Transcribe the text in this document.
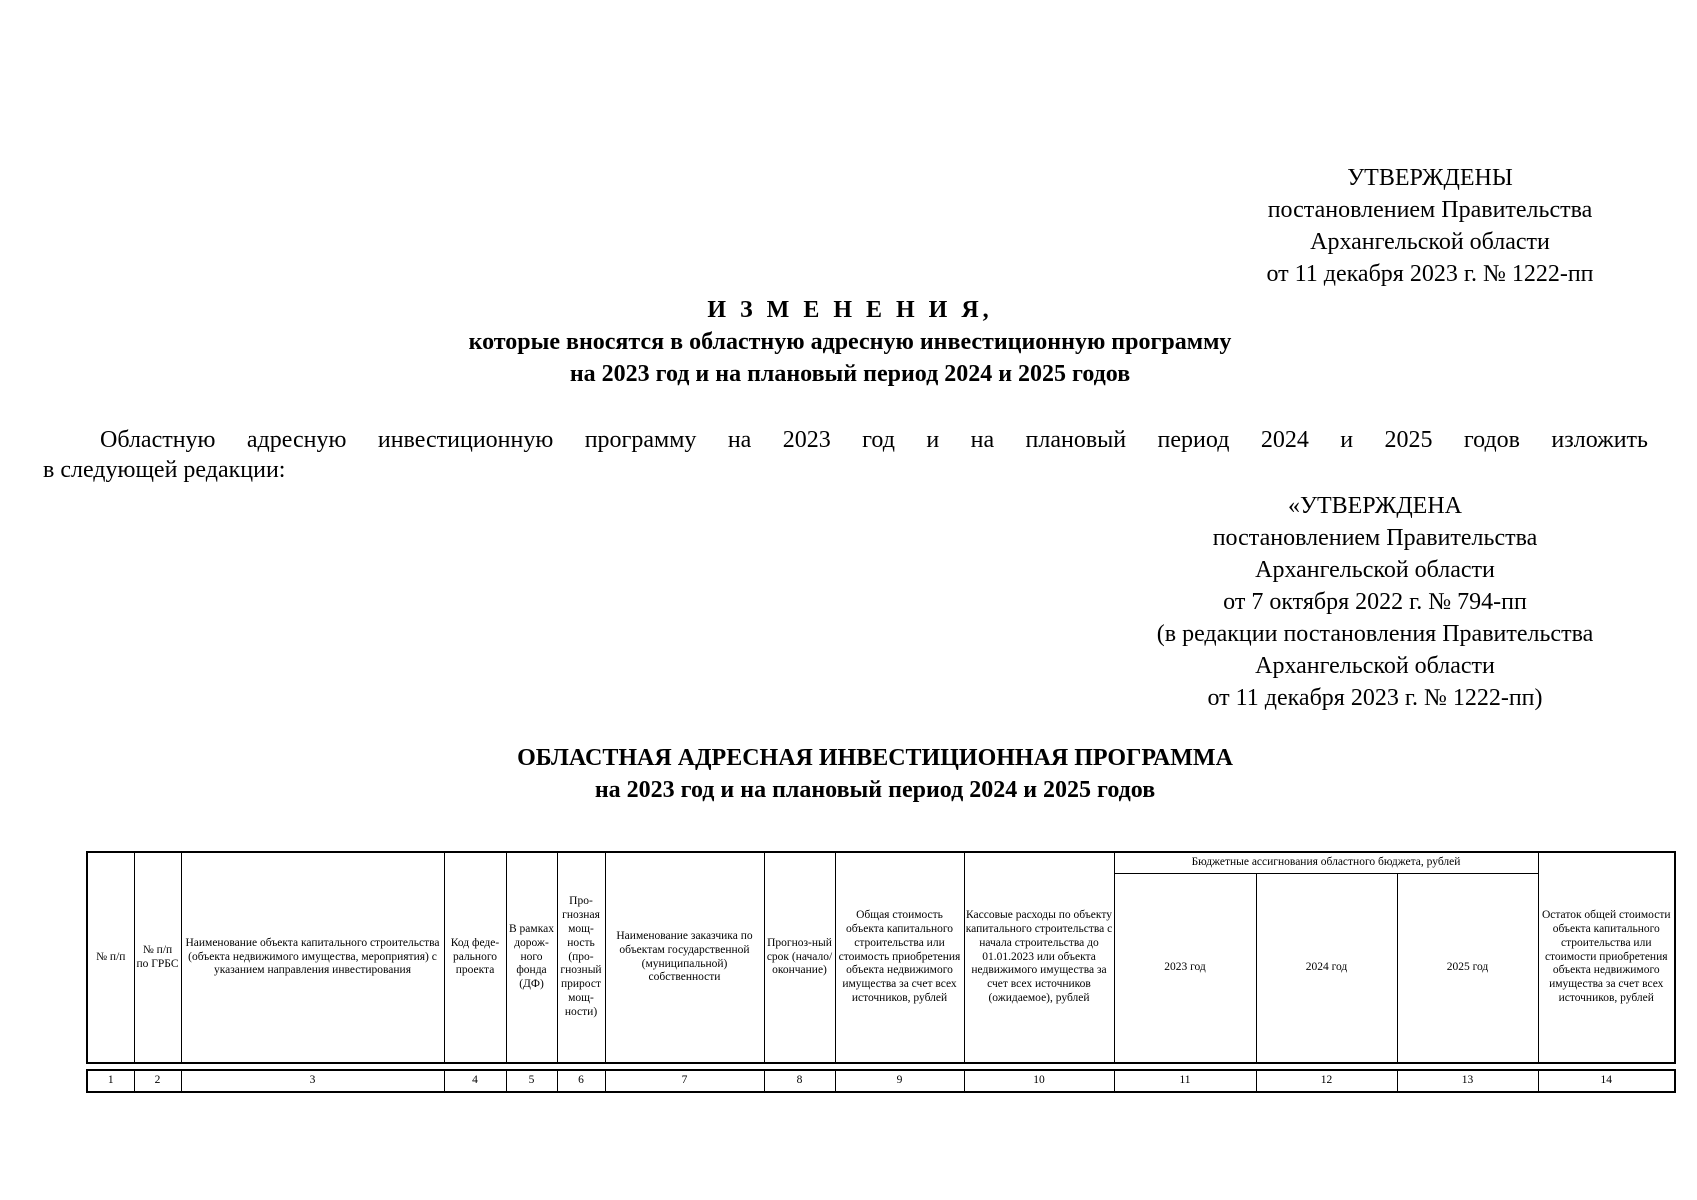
УТВЕРЖДЕНЫ
постановлением Правительства
Архангельской области
от 11 декабря 2023 г. № 1222-пп
И З М Е Н Е Н И Я,
которые вносятся в областную адресную инвестиционную программу
на 2023 год и на плановый период 2024 и 2025 годов
Областную адресную инвестиционную программу на 2023 год и на плановый период 2024 и 2025 годов изложить
в следующей редакции:
«УТВЕРЖДЕНА
постановлением Правительства
Архангельской области
от 7 октября 2022 г. № 794-пп
(в редакции постановления Правительства
Архангельской области
от 11 декабря 2023 г. № 1222-пп)
ОБЛАСТНАЯ АДРЕСНАЯ ИНВЕСТИЦИОННАЯ ПРОГРАММА
на 2023 год и на плановый период 2024 и 2025 годов
№ п/п	№ п/п по ГРБС	Наименование объекта капитального строительства (объекта недвижимого имущества, мероприятия) с указанием направления инвестирования	Код феде-рального проекта	В рамках дорож-ного фонда (ДФ)	Про-гнозная мощ-ность (про-гнозный прирост мощ-ности)	Наименование заказчика по объектам государственной (муниципальной) собственности	Прогноз-ный срок (начало/ окончание)	Общая стоимость объекта капитального строительства или стоимость приобретения объекта недвижимого имущества за счет всех источников, рублей	Кассовые расходы по объекту капитального строительства с начала строительства до 01.01.2023 или объекта недвижимого имущества за счет всех источников (ожидаемое), рублей	Бюджетные ассигнования областного бюджета, рублей			Остаток общей стоимости объекта капитального строительства или стоимости приобретения объекта недвижимого имущества за счет всех источников, рублей
										2023 год	2024 год	2025 год	
1	2	3	4	5	6	7	8	9	10	11	12	13	14
